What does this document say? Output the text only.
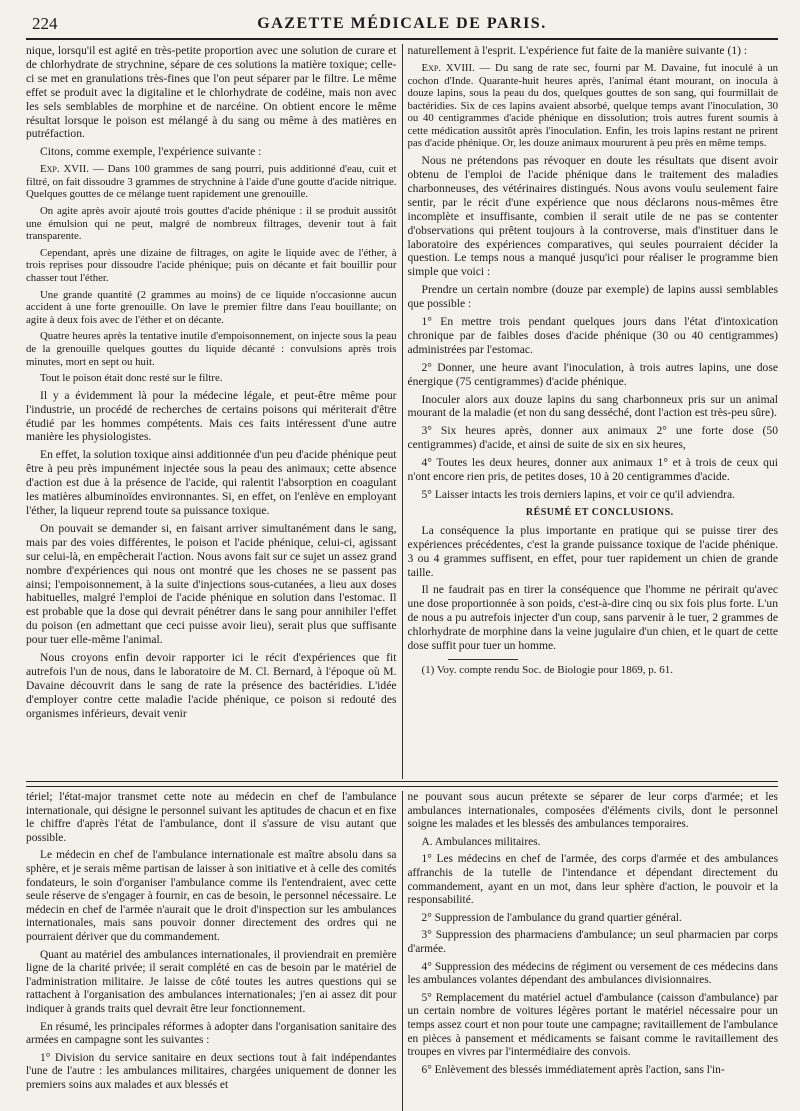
224	GAZETTE MÉDICALE DE PARIS.

nique, lorsqu'il est agité en très-petite proportion avec une solution de curare et de chlorhydrate de strychnine, sépare de ces solutions la matière toxique; celle-ci se met en granulations très-fines que l'on peut séparer par le filtre. Le même effet se produit avec la digitaline et le chlorhydrate de codéine, mais non avec les sels semblables de morphine et de narcéine. On obtient encore le même résultat lorsque le poison est mélangé à du sang ou même à des matières en putréfaction.

Citons, comme exemple, l'expérience suivante :

Exp. XVII. — Dans 100 grammes de sang pourri, puis additionné d'eau, cuit et filtré, on fait dissoudre 3 grammes de strychnine à l'aide d'une goutte d'acide nitrique. Quelques gouttes de ce mélange tuent rapidement une grenouille.

On agite après avoir ajouté trois gouttes d'acide phénique : il se produit aussitôt une émulsion qui ne peut, malgré de nombreux filtrages, devenir tout à fait transparente.

Cependant, après une dizaine de filtrages, on agite le liquide avec de l'éther, à trois reprises pour dissoudre l'acide phénique; puis on décante et fait bouillir pour chasser tout l'éther.

Une grande quantité (2 grammes au moins) de ce liquide n'occasionne aucun accident à une forte grenouille. On lave le premier filtre dans l'eau bouillante; on agite à deux fois avec de l'éther et on décante.

Quatre heures après la tentative inutile d'empoisonnement, on injecte sous la peau de la grenouille quelques gouttes du liquide décanté : convulsions après trois minutes, mort en sept ou huit.

Tout le poison était donc resté sur le filtre.

Il y a évidemment là pour la médecine légale, et peut-être même pour l'industrie, un procédé de recherches de certains poisons qui mériterait d'être étudié par les hommes compétents. Mais ces faits intéressent d'une autre manière les physiologistes.

En effet, la solution toxique ainsi additionnée d'un peu d'acide phénique peut être à peu près impunément injectée sous la peau des animaux; cette absence d'action est due à la présence de l'acide, qui ralentit l'absorption en coagulant les matières albuminoïdes environnantes. Si, en effet, on l'enlève en employant l'éther, la liqueur reprend toute sa puissance toxique.

On pouvait se demander si, en faisant arriver simultanément dans le sang, mais par des voies différentes, le poison et l'acide phénique, celui-ci, agissant sur celui-là, en empêcherait l'action. Nous avons fait sur ce sujet un assez grand nombre d'expériences qui nous ont montré que les choses ne se passent pas ainsi; l'empoisonnement, à la suite d'injections sous-cutanées, a lieu aux doses habituelles, malgré l'emploi de l'acide phénique en solution dans l'estomac. Il est probable que la dose qui devrait pénétrer dans le sang pour annihiler l'effet du poison (en admettant que ceci puisse avoir lieu), serait plus que suffisante pour tuer elle-même l'animal.

Nous croyons enfin devoir rapporter ici le récit d'expériences que fit autrefois l'un de nous, dans le laboratoire de M. Cl. Bernard, à l'époque où M. Davaine découvrit dans le sang de rate la présence des bactéridies. L'idée d'employer contre cette maladie l'acide phénique, ce poison si redouté des organismes inférieurs, devait venir

naturellement à l'esprit. L'expérience fut faite de la manière suivante (1) :

Exp. XVIII. — Du sang de rate sec, fourni par M. Davaine, fut inoculé à un cochon d'Inde. Quarante-huit heures après, l'animal étant mourant, on inocula à douze lapins, sous la peau du dos, quelques gouttes de son sang, qui fourmillait de bactéridies. Six de ces lapins avaient absorbé, quelque temps avant l'inoculation, 30 ou 40 centigrammes d'acide phénique en dissolution; trois autres furent soumis à cette médication aussitôt après l'inoculation. Enfin, les trois lapins restant ne prirent pas d'acide phénique. Or, les douze animaux moururent à peu près en même temps.

Nous ne prétendons pas révoquer en doute les résultats que disent avoir obtenu de l'emploi de l'acide phénique dans le traitement des maladies charbonneuses, des vétérinaires distingués. Nous avons voulu seulement faire sentir, par le récit d'une expérience que nous déclarons nous-mêmes être incomplète et insuffisante, combien il serait utile de ne pas se contenter d'observations qui prêtent toujours à la controverse, mais d'instituer dans le laboratoire des expériences comparatives, qui seules pourraient décider la question. Le temps nous a manqué jusqu'ici pour réaliser le programme bien simple que voici :

Prendre un certain nombre (douze par exemple) de lapins aussi semblables que possible :

1° En mettre trois pendant quelques jours dans l'état d'intoxication chronique par de faibles doses d'acide phénique (30 ou 40 centigrammes) administrées par l'estomac.

2° Donner, une heure avant l'inoculation, à trois autres lapins, une dose énergique (75 centigrammes) d'acide phénique.

Inoculer alors aux douze lapins du sang charbonneux pris sur un animal mourant de la maladie (et non du sang desséché, dont l'action est très-peu sûre).

3° Six heures après, donner aux animaux 2° une forte dose (50 centigrammes) d'acide, et ainsi de suite de six en six heures,

4° Toutes les deux heures, donner aux animaux 1° et à trois de ceux qui n'ont encore rien pris, de petites doses, 10 à 20 centigrammes d'acide.

5° Laisser intacts les trois derniers lapins, et voir ce qu'il adviendra.

RÉSUMÉ ET CONCLUSIONS.

La conséquence la plus importante en pratique qui se puisse tirer des expériences précédentes, c'est la grande puissance toxique de l'acide phénique. 3 ou 4 grammes suffisent, en effet, pour tuer rapidement un chien de grande taille.

Il ne faudrait pas en tirer la conséquence que l'homme ne périrait qu'avec une dose proportionnée à son poids, c'est-à-dire cinq ou six fois plus forte. L'un de nous a pu autrefois injecter d'un coup, sans parvenir à le tuer, 2 grammes de chlorhydrate de morphine dans la veine jugulaire d'un chien, et le quart de cette dose suffit pour tuer un homme.

(1) Voy. compte rendu Soc. de Biologie pour 1869, p. 61.

tériel; l'état-major transmet cette note au médecin en chef de l'ambulance internationale, qui désigne le personnel suivant les aptitudes de chacun et en fixe le chiffre d'après l'état de l'ambulance, dont il s'assure de visu autant que possible.

Le médecin en chef de l'ambulance internationale est maître absolu dans sa sphère, et je serais même partisan de laisser à son initiative et à celle des comités fondateurs, le soin d'organiser l'ambulance comme ils l'entendraient, avec cette seule réserve de s'engager à fournir, en cas de besoin, le personnel nécessaire. Le médecin en chef de l'armée n'aurait que le droit d'inspection sur les ambulances internationales, mais sans pouvoir donner directement des ordres qui ne pourraient dériver que du commandement.

Quant au matériel des ambulances internationales, il proviendrait en première ligne de la charité privée; il serait complété en cas de besoin par le matériel de l'administration militaire. Je laisse de côté toutes les autres questions qui se rattachent à l'organisation des ambulances internationales; j'en ai assez dit pour indiquer à grands traits quel devrait être leur fonctionnement.

En résumé, les principales réformes à adopter dans l'organisation sanitaire des armées en campagne sont les suivantes :

1° Division du service sanitaire en deux sections tout à fait indépendantes l'une de l'autre : les ambulances militaires, chargées uniquement de donner les premiers soins aux malades et aux blessés et

ne pouvant sous aucun prétexte se séparer de leur corps d'armée; et les ambulances internationales, composées d'éléments civils, dont le personnel soigne les malades et les blessés des ambulances temporaires.

A. Ambulances militaires.

1° Les médecins en chef de l'armée, des corps d'armée et des ambulances affranchis de la tutelle de l'intendance et dépendant directement du commandement, ayant en un mot, dans leur sphère d'action, le pouvoir et la responsabilité.

2° Suppression de l'ambulance du grand quartier général.

3° Suppression des pharmaciens d'ambulance; un seul pharmacien par corps d'armée.

4° Suppression des médecins de régiment ou versement de ces médecins dans les ambulances volantes dépendant des ambulances divisionnaires.

5° Remplacement du matériel actuel d'ambulance (caisson d'ambulance) par un certain nombre de voitures légères portant le matériel nécessaire pour un temps assez court et non pour toute une campagne; ravitaillement de l'ambulance en pièces à pansement et médicaments se faisant comme le ravitaillement des troupes en vivres par l'intermédiaire des convois.

6° Enlèvement des blessés immédiatement après l'action, sans l'in-
